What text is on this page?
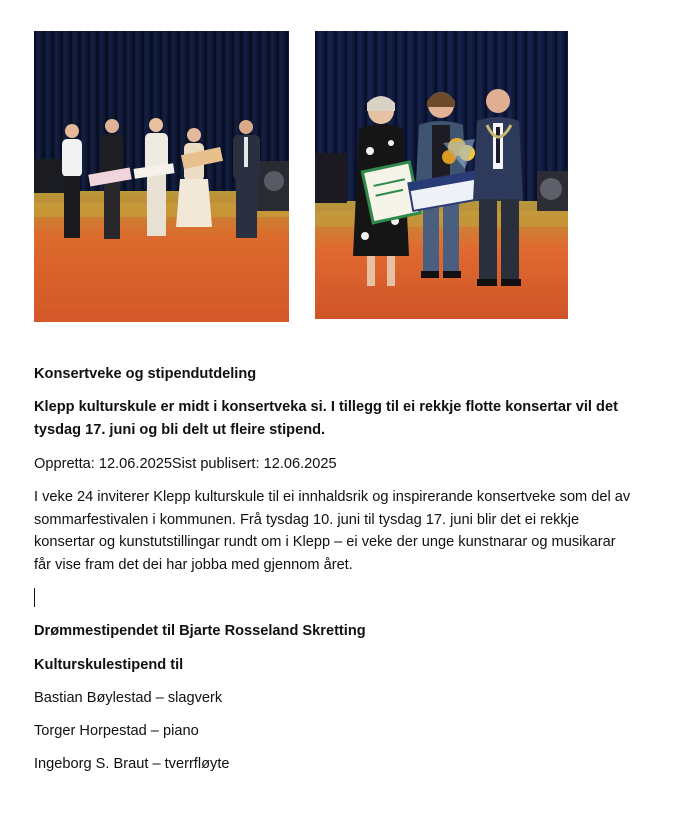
Konsertveke og stipendutdeling

Klepp kulturskule er midt i konsertveka si. I tillegg til ei rekkje flotte konsertar vil det tysdag 17. juni og bli delt ut fleire stipend.

Oppretta: 12.06.2025Sist publisert: 12.06.2025

I veke 24 inviterer Klepp kulturskule til ei innhaldsrik og inspirerande konsertveke som del av sommarfestivalen i kommunen. Frå tysdag 10. juni til tysdag 17. juni blir det ei rekkje konsertar og kunstutstillingar rundt om i Klepp – ei veke der unge kunstnarar og musikarar får vise fram det dei har jobba med gjennom året.

Drømmestipendet til Bjarte Rosseland Skretting

Kulturskulestipend til

Bastian Bøylestad – slagverk

Torger Horpestad – piano

Ingeborg S. Braut – tverrfløyte
